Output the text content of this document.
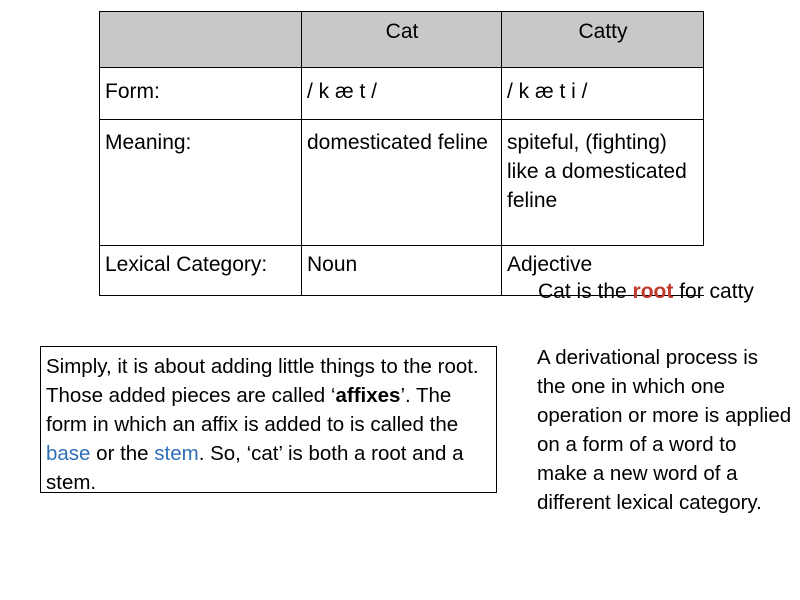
	Cat	Catty
Form:	/ k æ t /	/ k æ t i /
Meaning:	domesticated feline	spiteful, (fighting) like a domesticated feline
Lexical Category:	Noun	Adjective
Cat is the root for catty
Simply, it is about adding little things to the root. Those added pieces are called ‘affixes’. The form in which an affix is added to is called the base or the stem. So, ‘cat’ is both a root and a stem.
A derivational process is the one in which one operation or more is applied on a form of a word to make a new word of a different lexical category.
